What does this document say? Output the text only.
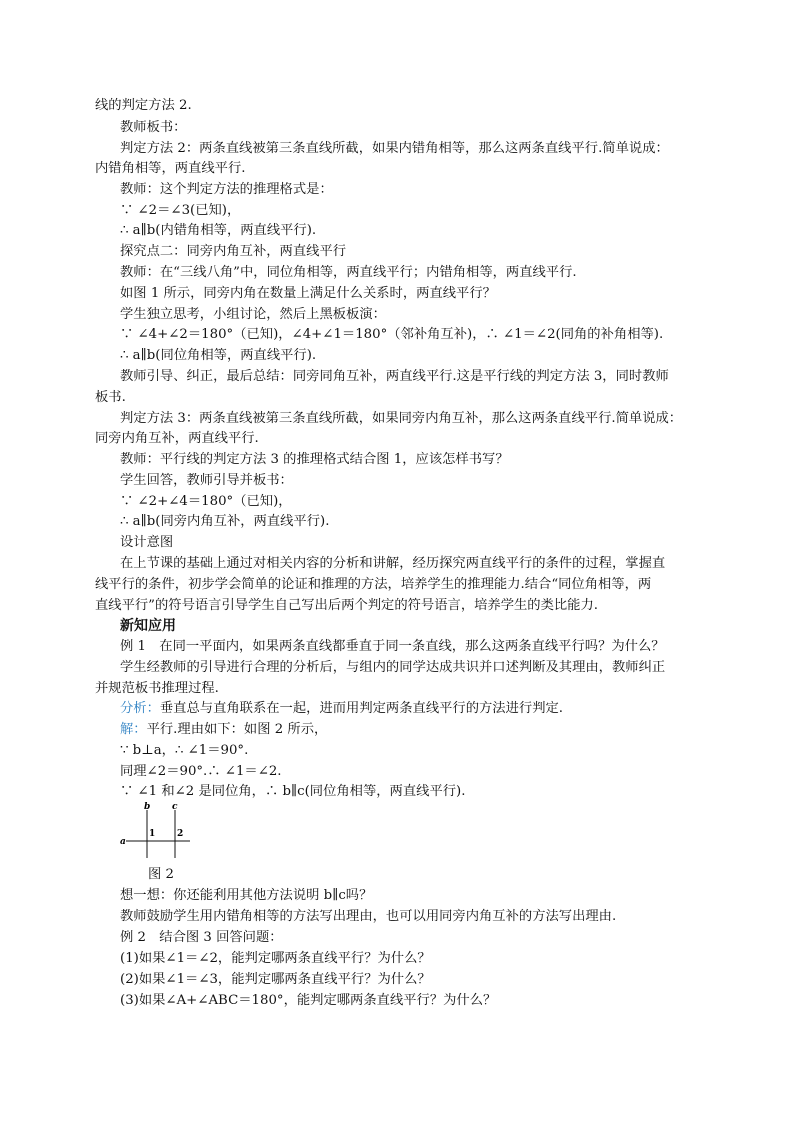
线的判定方法 2.
教师板书：
判定方法 2：两条直线被第三条直线所截，如果内错角相等，那么这两条直线平行.简单说成：
内错角相等，两直线平行.
教师：这个判定方法的推理格式是：
∵ ∠2＝∠3(已知)，
∴ a∥b(内错角相等，两直线平行).
探究点二：同旁内角互补，两直线平行
教师：在“三线八角”中，同位角相等，两直线平行；内错角相等，两直线平行.
如图 1 所示，同旁内角在数量上满足什么关系时，两直线平行？
学生独立思考，小组讨论，然后上黑板板演：
∵ ∠4+∠2＝180°（已知)，∠4+∠1＝180°（邻补角互补)，∴ ∠1＝∠2(同角的补角相等).
∴ a∥b(同位角相等，两直线平行).
教师引导、纠正，最后总结：同旁同角互补，两直线平行.这是平行线的判定方法 3，同时教师
板书.
判定方法 3：两条直线被第三条直线所截，如果同旁内角互补，那么这两条直线平行.简单说成：
同旁内角互补，两直线平行.
教师：平行线的判定方法 3 的推理格式结合图 1，应该怎样书写？
学生回答，教师引导并板书：
∵ ∠2+∠4＝180°（已知)，
∴ a∥b(同旁内角互补，两直线平行).
设计意图
在上节课的基础上通过对相关内容的分析和讲解，经历探究两直线平行的条件的过程，掌握直
线平行的条件，初步学会简单的论证和推理的方法，培养学生的推理能力.结合“同位角相等，两
直线平行”的符号语言引导学生自己写出后两个判定的符号语言，培养学生的类比能力.
新知应用
例 1　在同一平面内，如果两条直线都垂直于同一条直线，那么这两条直线平行吗？为什么？
学生经教师的引导进行合理的分析后，与组内的同学达成共识并口述判断及其理由，教师纠正
并规范板书推理过程.
分析：垂直总与直角联系在一起，进而用判定两条直线平行的方法进行判定.
解：平行.理由如下：如图 2 所示，
∵ b⊥a，∴ ∠1＝90°.
同理∠2＝90°.∴ ∠1＝∠2.
∵ ∠1 和∠2 是同位角，∴ b∥c(同位角相等，两直线平行).
a
b c
1 2
图 2
想一想：你还能利用其他方法说明 b∥c吗？
教师鼓励学生用内错角相等的方法写出理由，也可以用同旁内角互补的方法写出理由.
例 2　结合图 3 回答问题：
(1)如果∠1＝∠2，能判定哪两条直线平行？为什么？
(2)如果∠1＝∠3，能判定哪两条直线平行？为什么？
(3)如果∠A+∠ABC＝180°，能判定哪两条直线平行？为什么？
